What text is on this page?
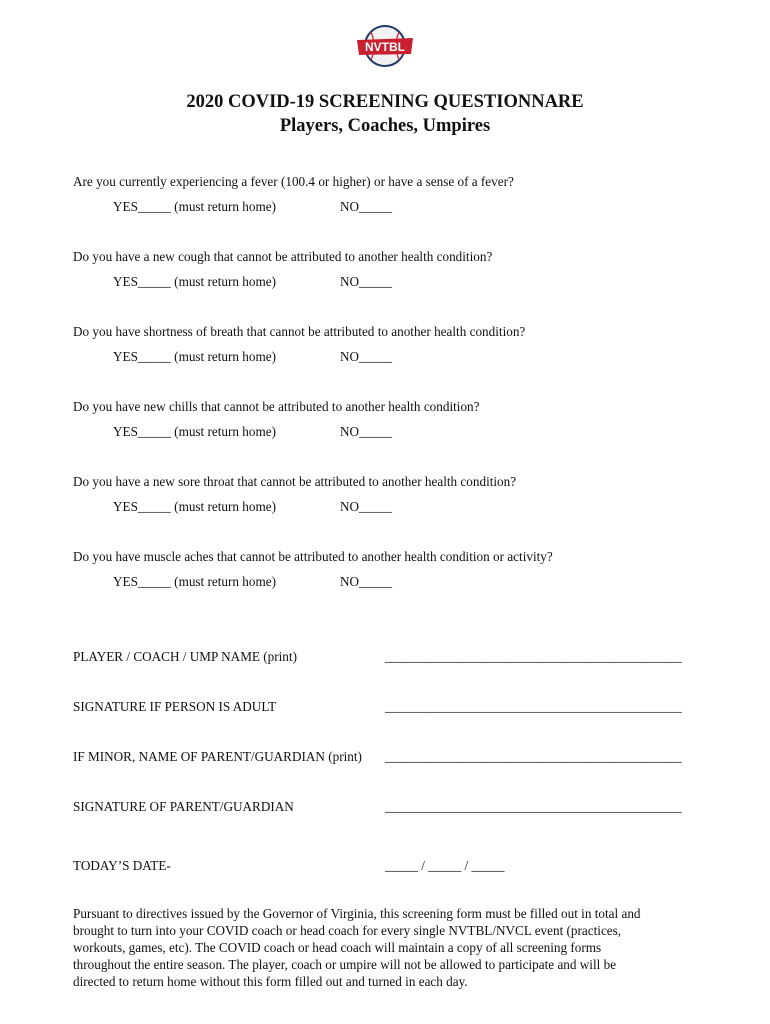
NVTBL
2020 COVID-19 SCREENING QUESTIONNARE
Players, Coaches, Umpires
Are you currently experiencing a fever (100.4 or higher) or have a sense of a fever?
YES_____ (must return home)	NO_____
Do you have a new cough that cannot be attributed to another health condition?
YES_____ (must return home)	NO_____
Do you have shortness of breath that cannot be attributed to another health condition?
YES_____ (must return home)	NO_____
Do you have new chills that cannot be attributed to another health condition?
YES_____ (must return home)	NO_____
Do you have a new sore throat that cannot be attributed to another health condition?
YES_____ (must return home)	NO_____
Do you have muscle aches that cannot be attributed to another health condition or activity?
YES_____ (must return home)	NO_____
PLAYER / COACH / UMP NAME (print)	_____________________________________________
SIGNATURE IF PERSON IS ADULT	_____________________________________________
IF MINOR, NAME OF PARENT/GUARDIAN (print) _____________________________________________
SIGNATURE OF PARENT/GUARDIAN	_____________________________________________
TODAY’S DATE-	_____ / _____ / _____
Pursuant to directives issued by the Governor of Virginia, this screening form must be filled out in total and
brought to turn into your COVID coach or head coach for every single NVTBL/NVCL event (practices,
workouts, games, etc). The COVID coach or head coach will maintain a copy of all screening forms
throughout the entire season. The player, coach or umpire will not be allowed to participate and will be
directed to return home without this form filled out and turned in each day.
